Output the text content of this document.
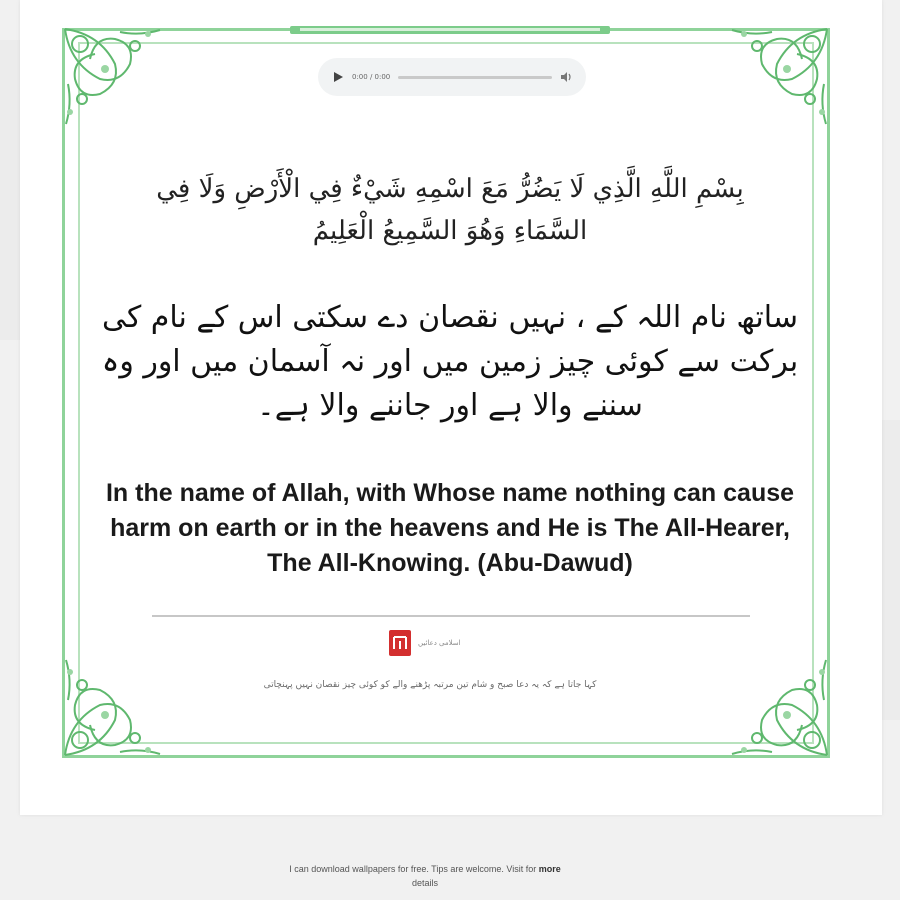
0:00 / 0:00
بِسْمِ اللَّهِ الَّذِي لَا يَضُرُّ مَعَ اسْمِهِ شَيْءٌ فِي الْأَرْضِ وَلَا فِي السَّمَاءِ وَهُوَ السَّمِيعُ الْعَلِيمُ
ساتھ نام اللہ کے ، نہیں نقصان دے سکتی اس کے نام کی برکت سے کوئی چیز زمین میں اور نہ آسمان میں اور وہ سننے والا ہے اور جاننے والا ہے۔
In the name of Allah, with Whose name nothing can cause harm on earth or in the heavens and He is The All-Hearer, The All-Knowing. (Abu-Dawud)
اسلامی دعائیں
کہا جاتا ہے کہ یہ دعا صبح و شام تین مرتبہ پڑھنے والے کو کوئی چیز نقصان نہیں پہنچاتی
I can download wallpapers for free. Tips are welcome. Visit for more
details
